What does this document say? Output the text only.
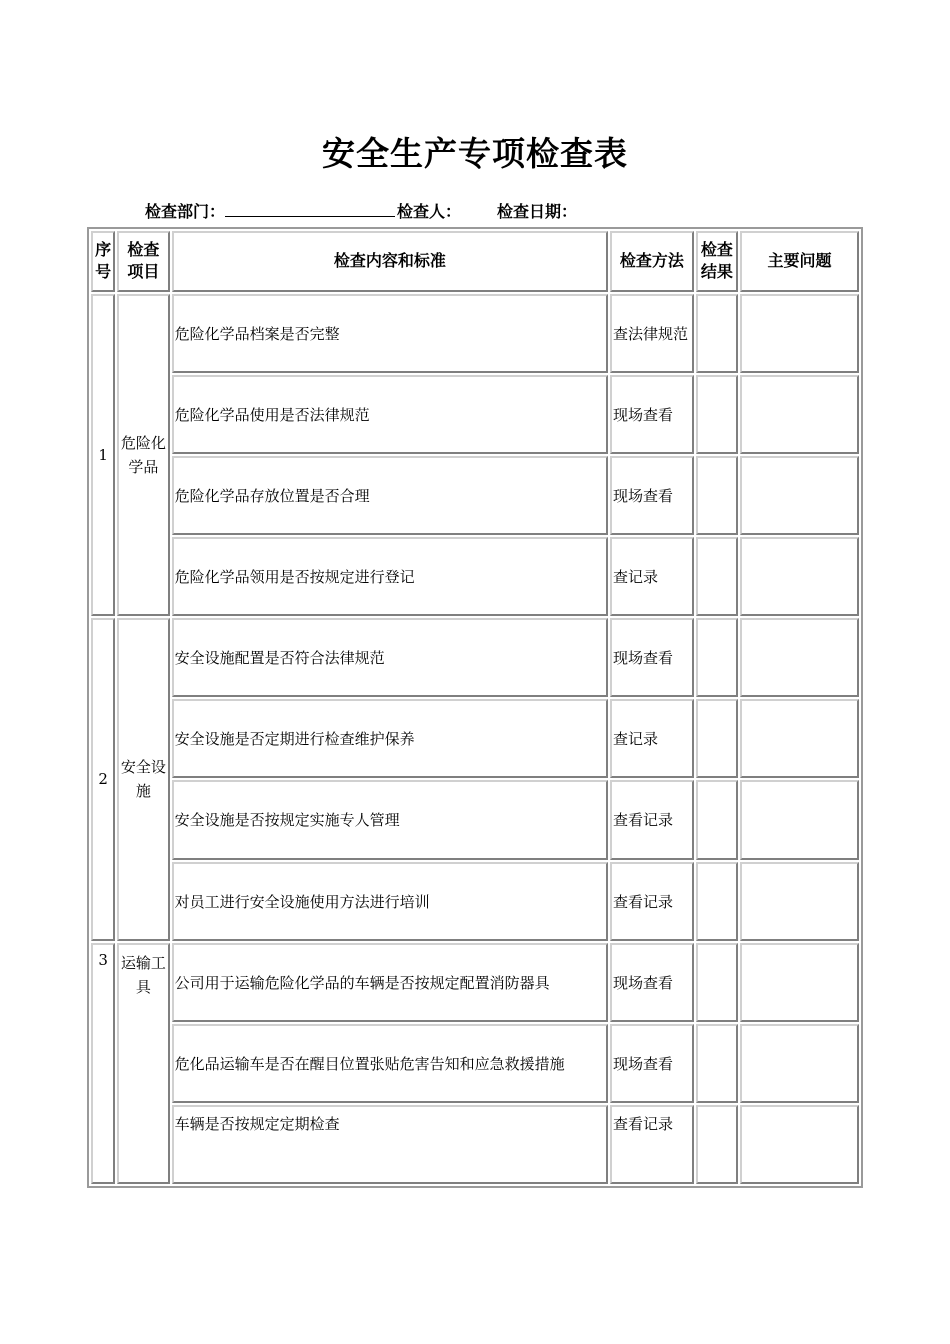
安全生产专项检查表
检查部门：	检查人： 检查日期：
序号	检查项目	检查内容和标准	检查方法	检查结果	主要问题
1	危险化学品	危险化学品档案是否完整	查法律规范		
		危险化学品使用是否法律规范	现场查看		
		危险化学品存放位置是否合理	现场查看		
		危险化学品领用是否按规定进行登记	查记录		
2	安全设施	安全设施配置是否符合法律规范	现场查看		
		安全设施是否定期进行检查维护保养	查记录		
		安全设施是否按规定实施专人管理	查看记录		
		对员工进行安全设施使用方法进行培训	查看记录		
3	运输工具	公司用于运输危险化学品的车辆是否按规定配置消防器具	现场查看		
		危化品运输车是否在醒目位置张贴危害告知和应急救援措施	现场查看		
		车辆是否按规定定期检查	查看记录		
